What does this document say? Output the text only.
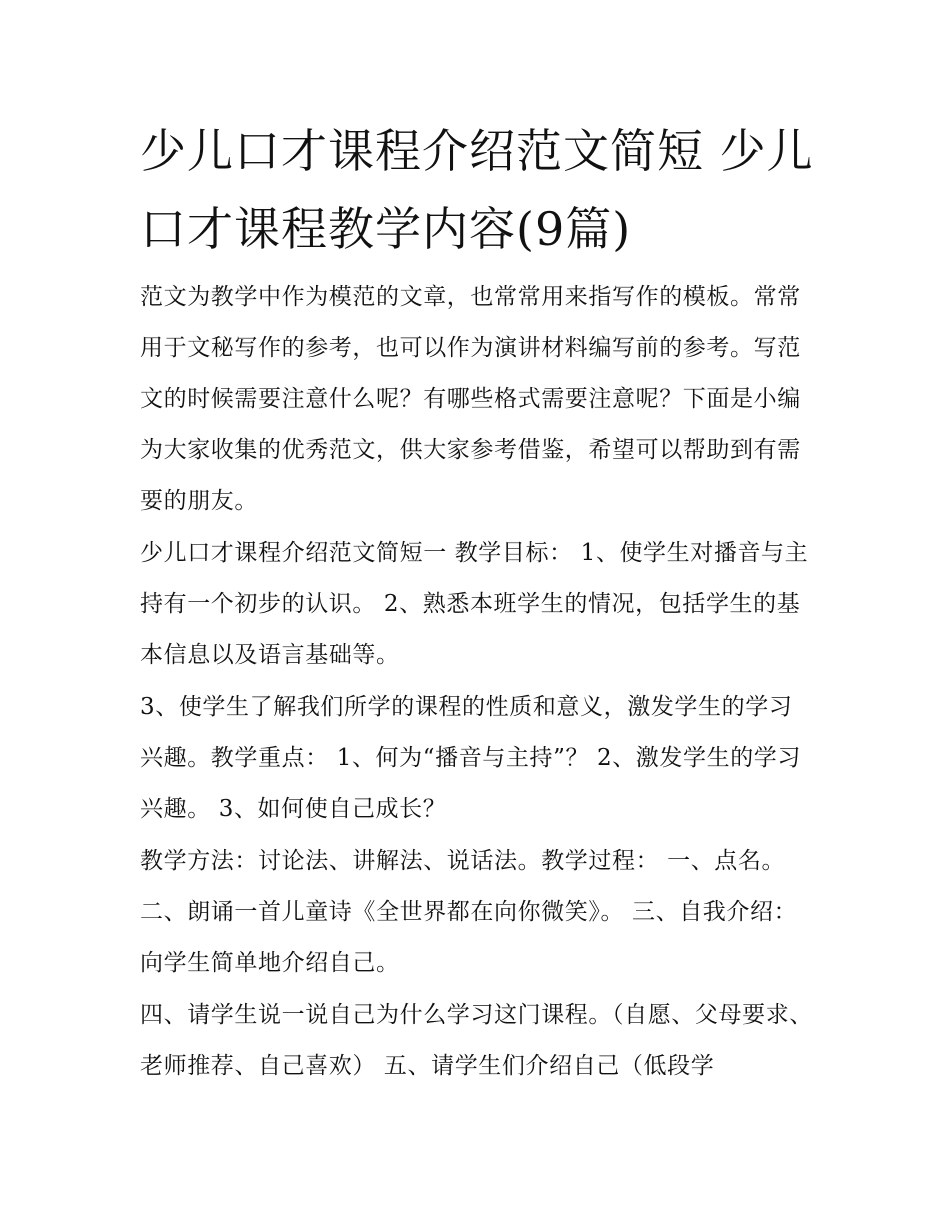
少儿口才课程介绍范文简短 少儿口才课程教学内容(9篇)

范文为教学中作为模范的文章，也常常用来指写作的模板。常常用于文秘写作的参考，也可以作为演讲材料编写前的参考。写范文的时候需要注意什么呢？有哪些格式需要注意呢？下面是小编为大家收集的优秀范文，供大家参考借鉴，希望可以帮助到有需要的朋友。

少儿口才课程介绍范文简短一 教学目标： 1、使学生对播音与主持有一个初步的认识。 2、熟悉本班学生的情况，包括学生的基本信息以及语言基础等。

3、使学生了解我们所学的课程的性质和意义，激发学生的学习兴趣。教学重点： 1、何为“播音与主持”？ 2、激发学生的学习兴趣。 3、如何使自己成长？

教学方法：讨论法、讲解法、说话法。教学过程： 一、点名。 二、朗诵一首儿童诗《全世界都在向你微笑》。 三、自我介绍：向学生简单地介绍自己。

四、请学生说一说自己为什么学习这门课程。（自愿、父母要求、老师推荐、自己喜欢） 五、请学生们介绍自己（低段学
